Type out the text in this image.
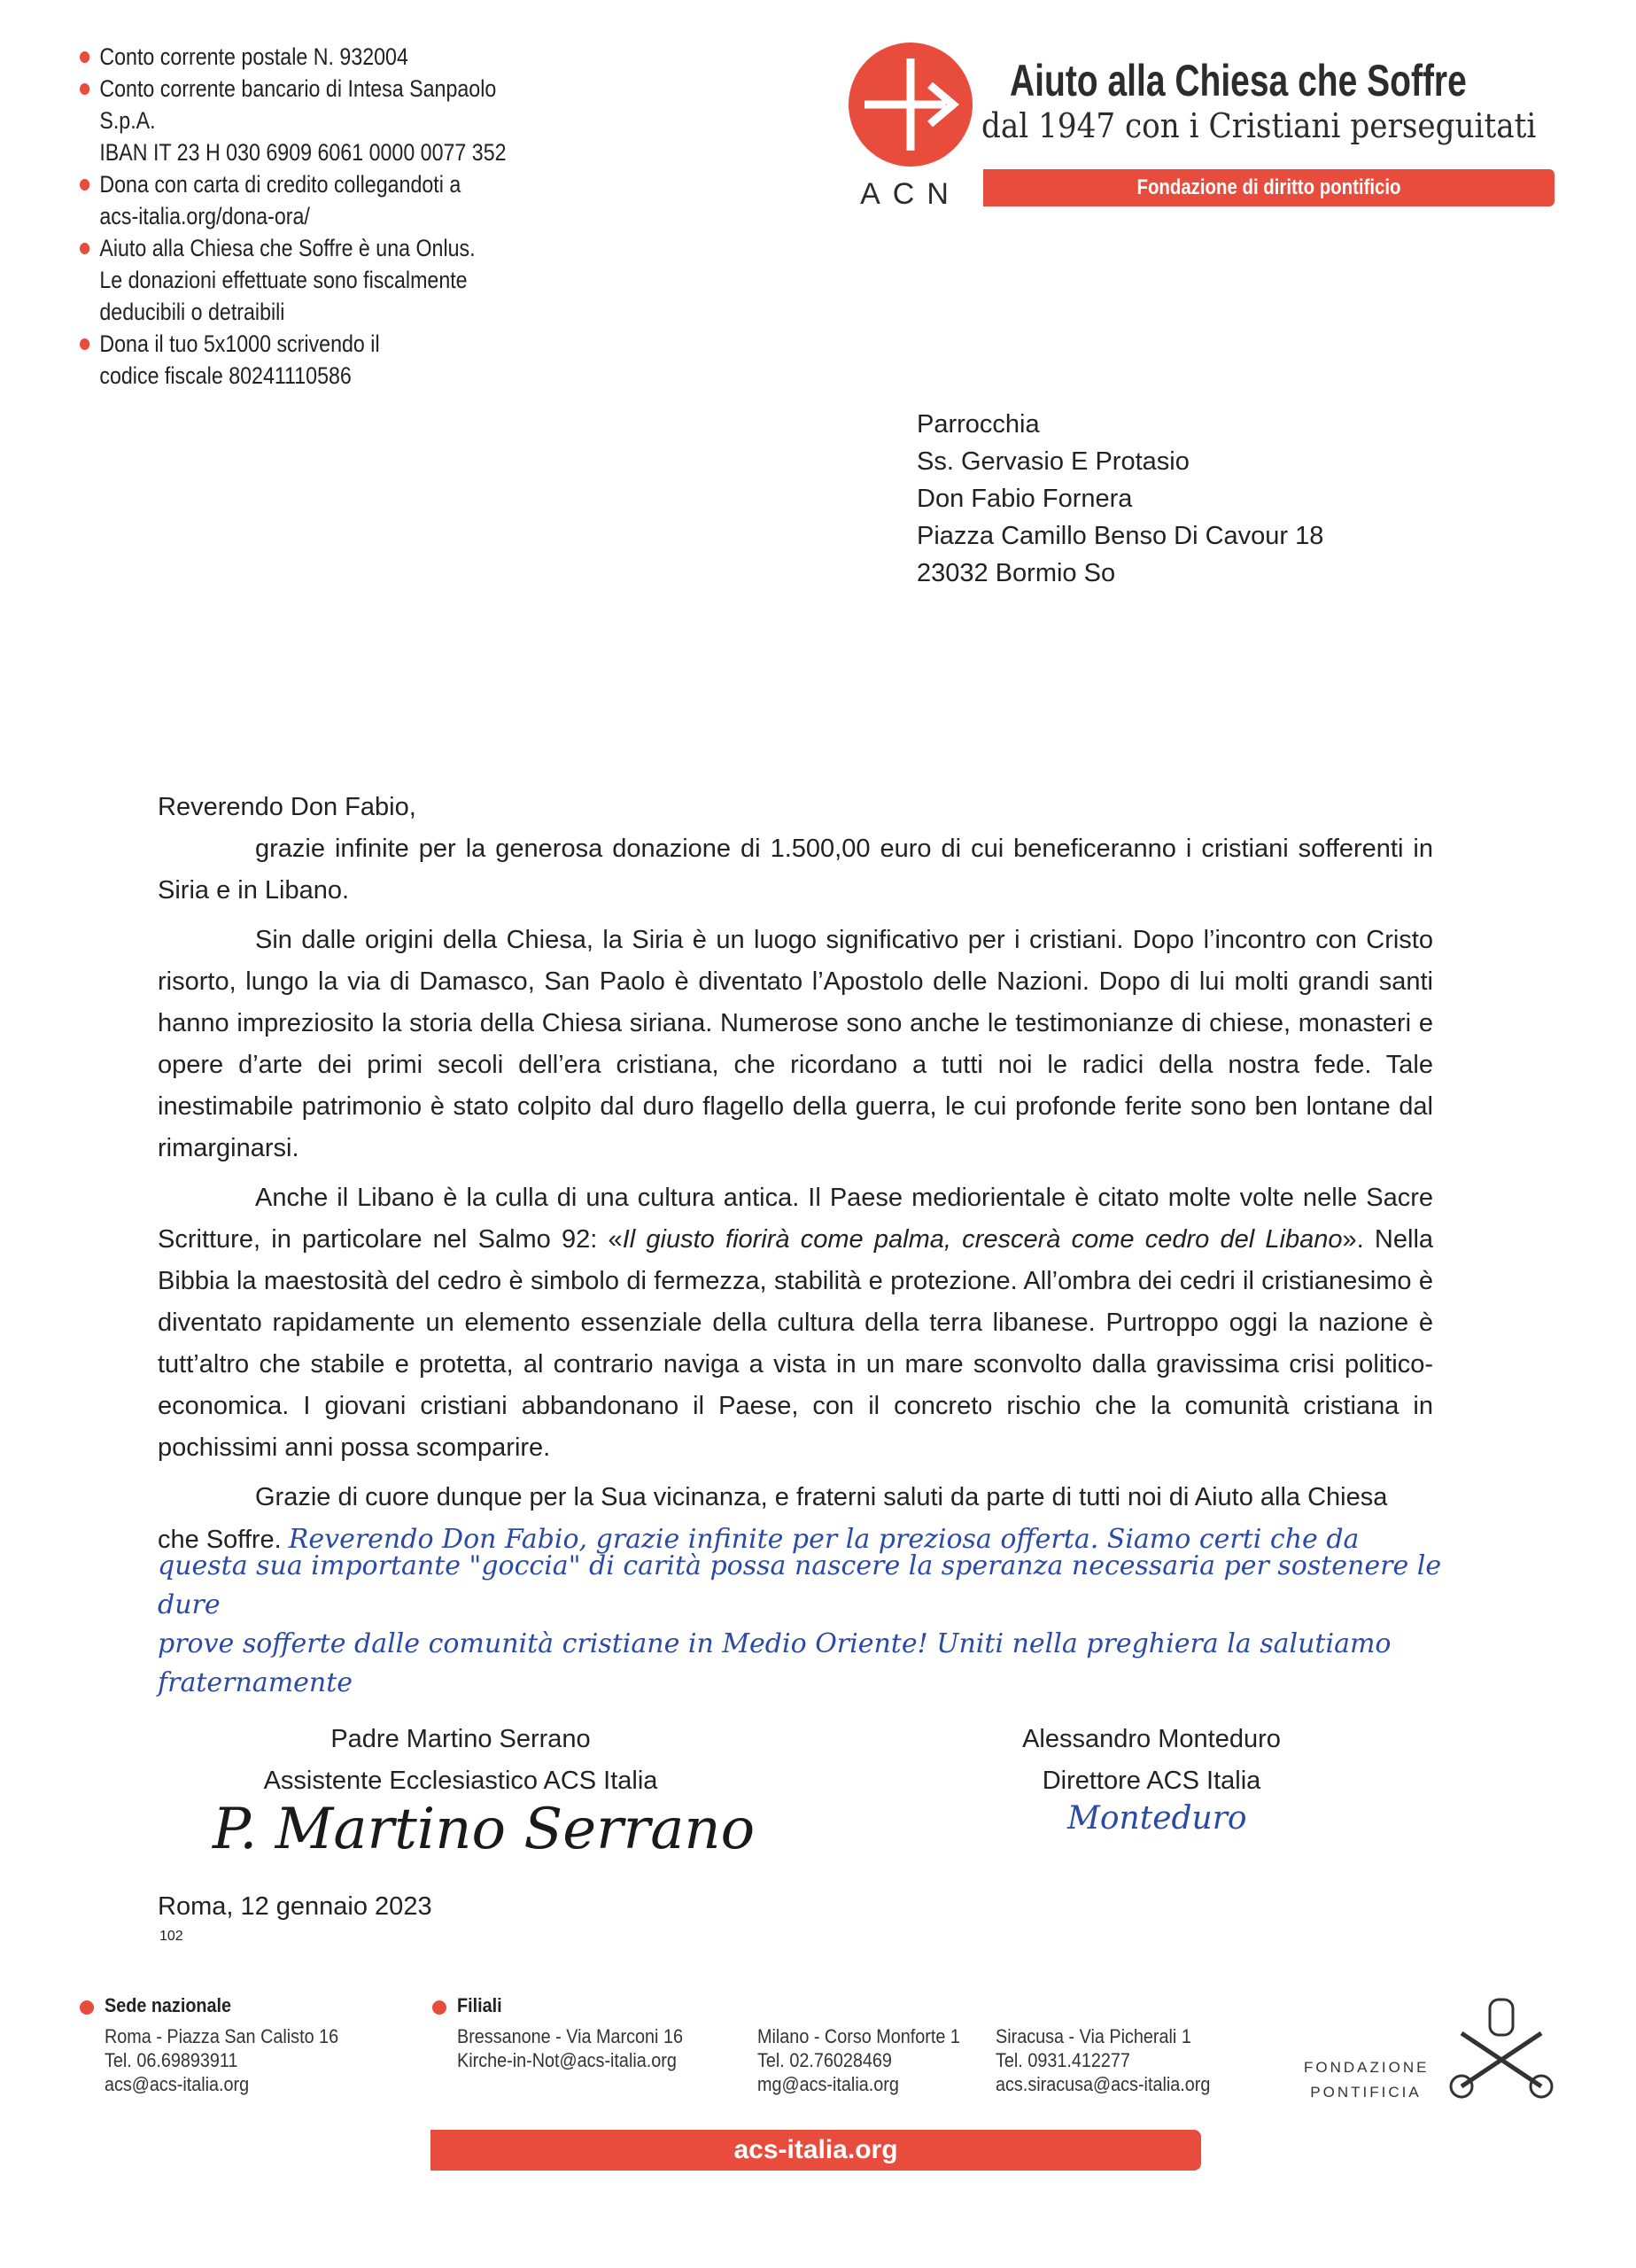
Conto corrente postale N. 932004
Conto corrente bancario di Intesa Sanpaolo S.p.A.
IBAN IT 23 H 030 6909 6061 0000 0077 352
Dona con carta di credito collegandoti a
acs-italia.org/dona-ora/
Aiuto alla Chiesa che Soffre è una Onlus.
Le donazioni effettuate sono fiscalmente
deducibili o detraibili
Dona il tuo 5x1000 scrivendo il
codice fiscale 80241110586
ACN
Aiuto alla Chiesa che Soffre
dal 1947 con i Cristiani perseguitati
Fondazione di diritto pontificio
Parrocchia
Ss. Gervasio E Protasio
Don Fabio Fornera
Piazza Camillo Benso Di Cavour 18
23032 Bormio So

Reverendo Don Fabio,

grazie infinite per la generosa donazione di 1.500,00 euro di cui beneficeranno i cristiani sofferenti in Siria e in Libano.

Sin dalle origini della Chiesa, la Siria è un luogo significativo per i cristiani. Dopo l’incontro con Cristo risorto, lungo la via di Damasco, San Paolo è diventato l’Apostolo delle Nazioni. Dopo di lui molti grandi santi hanno impreziosito la storia della Chiesa siriana. Numerose sono anche le testimonianze di chiese, monasteri e opere d’arte dei primi secoli dell’era cristiana, che ricordano a tutti noi le radici della nostra fede. Tale inestimabile patrimonio è stato colpito dal duro flagello della guerra, le cui profonde ferite sono ben lontane dal rimarginarsi.

Anche il Libano è la culla di una cultura antica. Il Paese mediorientale è citato molte volte nelle Sacre Scritture, in particolare nel Salmo 92: «Il giusto fiorirà come palma, crescerà come cedro del Libano». Nella Bibbia la maestosità del cedro è simbolo di fermezza, stabilità e protezione. All’ombra dei cedri il cristianesimo è diventato rapidamente un elemento essenziale della cultura della terra libanese. Purtroppo oggi la nazione è tutt’altro che stabile e protetta, al contrario naviga a vista in un mare sconvolto dalla gravissima crisi politico-economica. I giovani cristiani abbandonano il Paese, con il concreto rischio che la comunità cristiana in pochissimi anni possa scomparire.

Grazie di cuore dunque per la Sua vicinanza, e fraterni saluti da parte di tutti noi di Aiuto alla Chiesa che Soffre. Reverendo Don Fabio, grazie infinite per la preziosa offerta. Siamo certi che da

questa sua importante "goccia" di carità possa nascere la speranza necessaria per sostenere le dure
prove sofferte dalle comunità cristiane in Medio Oriente! Uniti nella preghiera la salutiamo
fraternamente
Padre Martino Serrano
Assistente Ecclesiastico ACS Italia
Alessandro Monteduro
Direttore ACS Italia
P. Martino Serrano	Monteduro
Roma, 12 gennaio 2023
102
Sede nazionale
Roma - Piazza San Calisto 16
Tel. 06.69893911
acs@acs-italia.org
Filiali
Bressanone - Via Marconi 16
Kirche-in-Not@acs-italia.org
Milano - Corso Monforte 1
Tel. 02.76028469
mg@acs-italia.org
Siracusa - Via Picherali 1
Tel. 0931.412277
acs.siracusa@acs-italia.org
FONDAZIONE
PONTIFICIA
acs-italia.org
